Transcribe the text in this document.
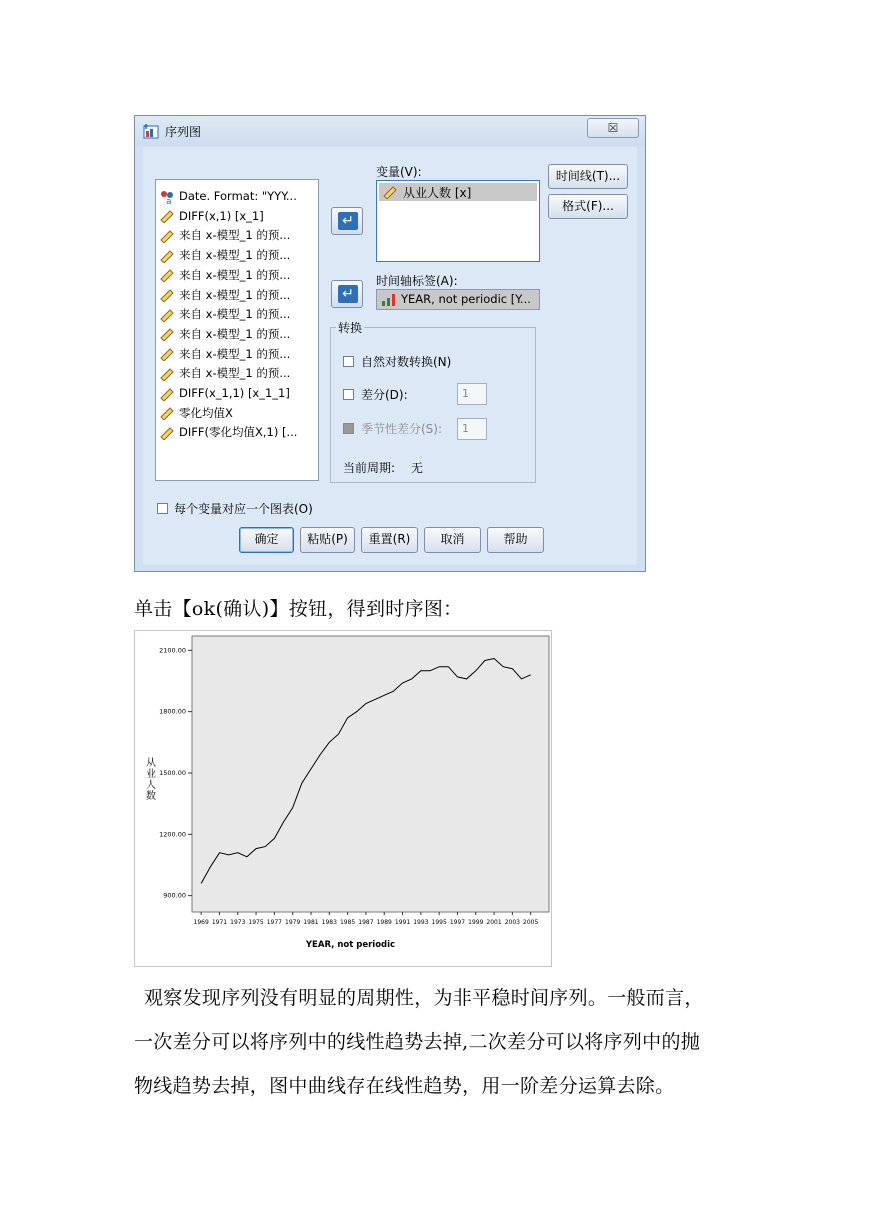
序列图	☒
a Date. Format: "YYY...
DIFF(x,1) [x_1]
来自 x-模型_1 的预...
来自 x-模型_1 的预...
来自 x-模型_1 的预...
来自 x-模型_1 的预...
来自 x-模型_1 的预...
来自 x-模型_1 的预...
来自 x-模型_1 的预...
来自 x-模型_1 的预...
DIFF(x_1,1) [x_1_1]
零化均值X
DIFF(零化均值X,1) [...
↵
↵
变量(V):
从业人数 [x]
时间轴标签(A):
YEAR, not periodic [Y...
时间线(T)...
格式(F)...
转换
自然对数转换(N)
差分(D):	1
季节性差分(S):	1
当前周期: 无
每个变量对应一个图表(O)
确定	粘贴(P)	重置(R)	取消	帮助
单击【ok(确认)】按钮，得到时序图：
900.00
1200.00
1500.00
1800.00
2100.00
1969 1971 1973 1975 1977 1979 1981 1983 1985 1987 1989 1991 1993 1995 1997 1999 2001 2003 2005
YEAR, not periodic
从
业
人
数
观察发现序列没有明显的周期性，为非平稳时间序列。一般而言，
一次差分可以将序列中的线性趋势去掉,二次差分可以将序列中的抛
物线趋势去掉，图中曲线存在线性趋势，用一阶差分运算去除。
